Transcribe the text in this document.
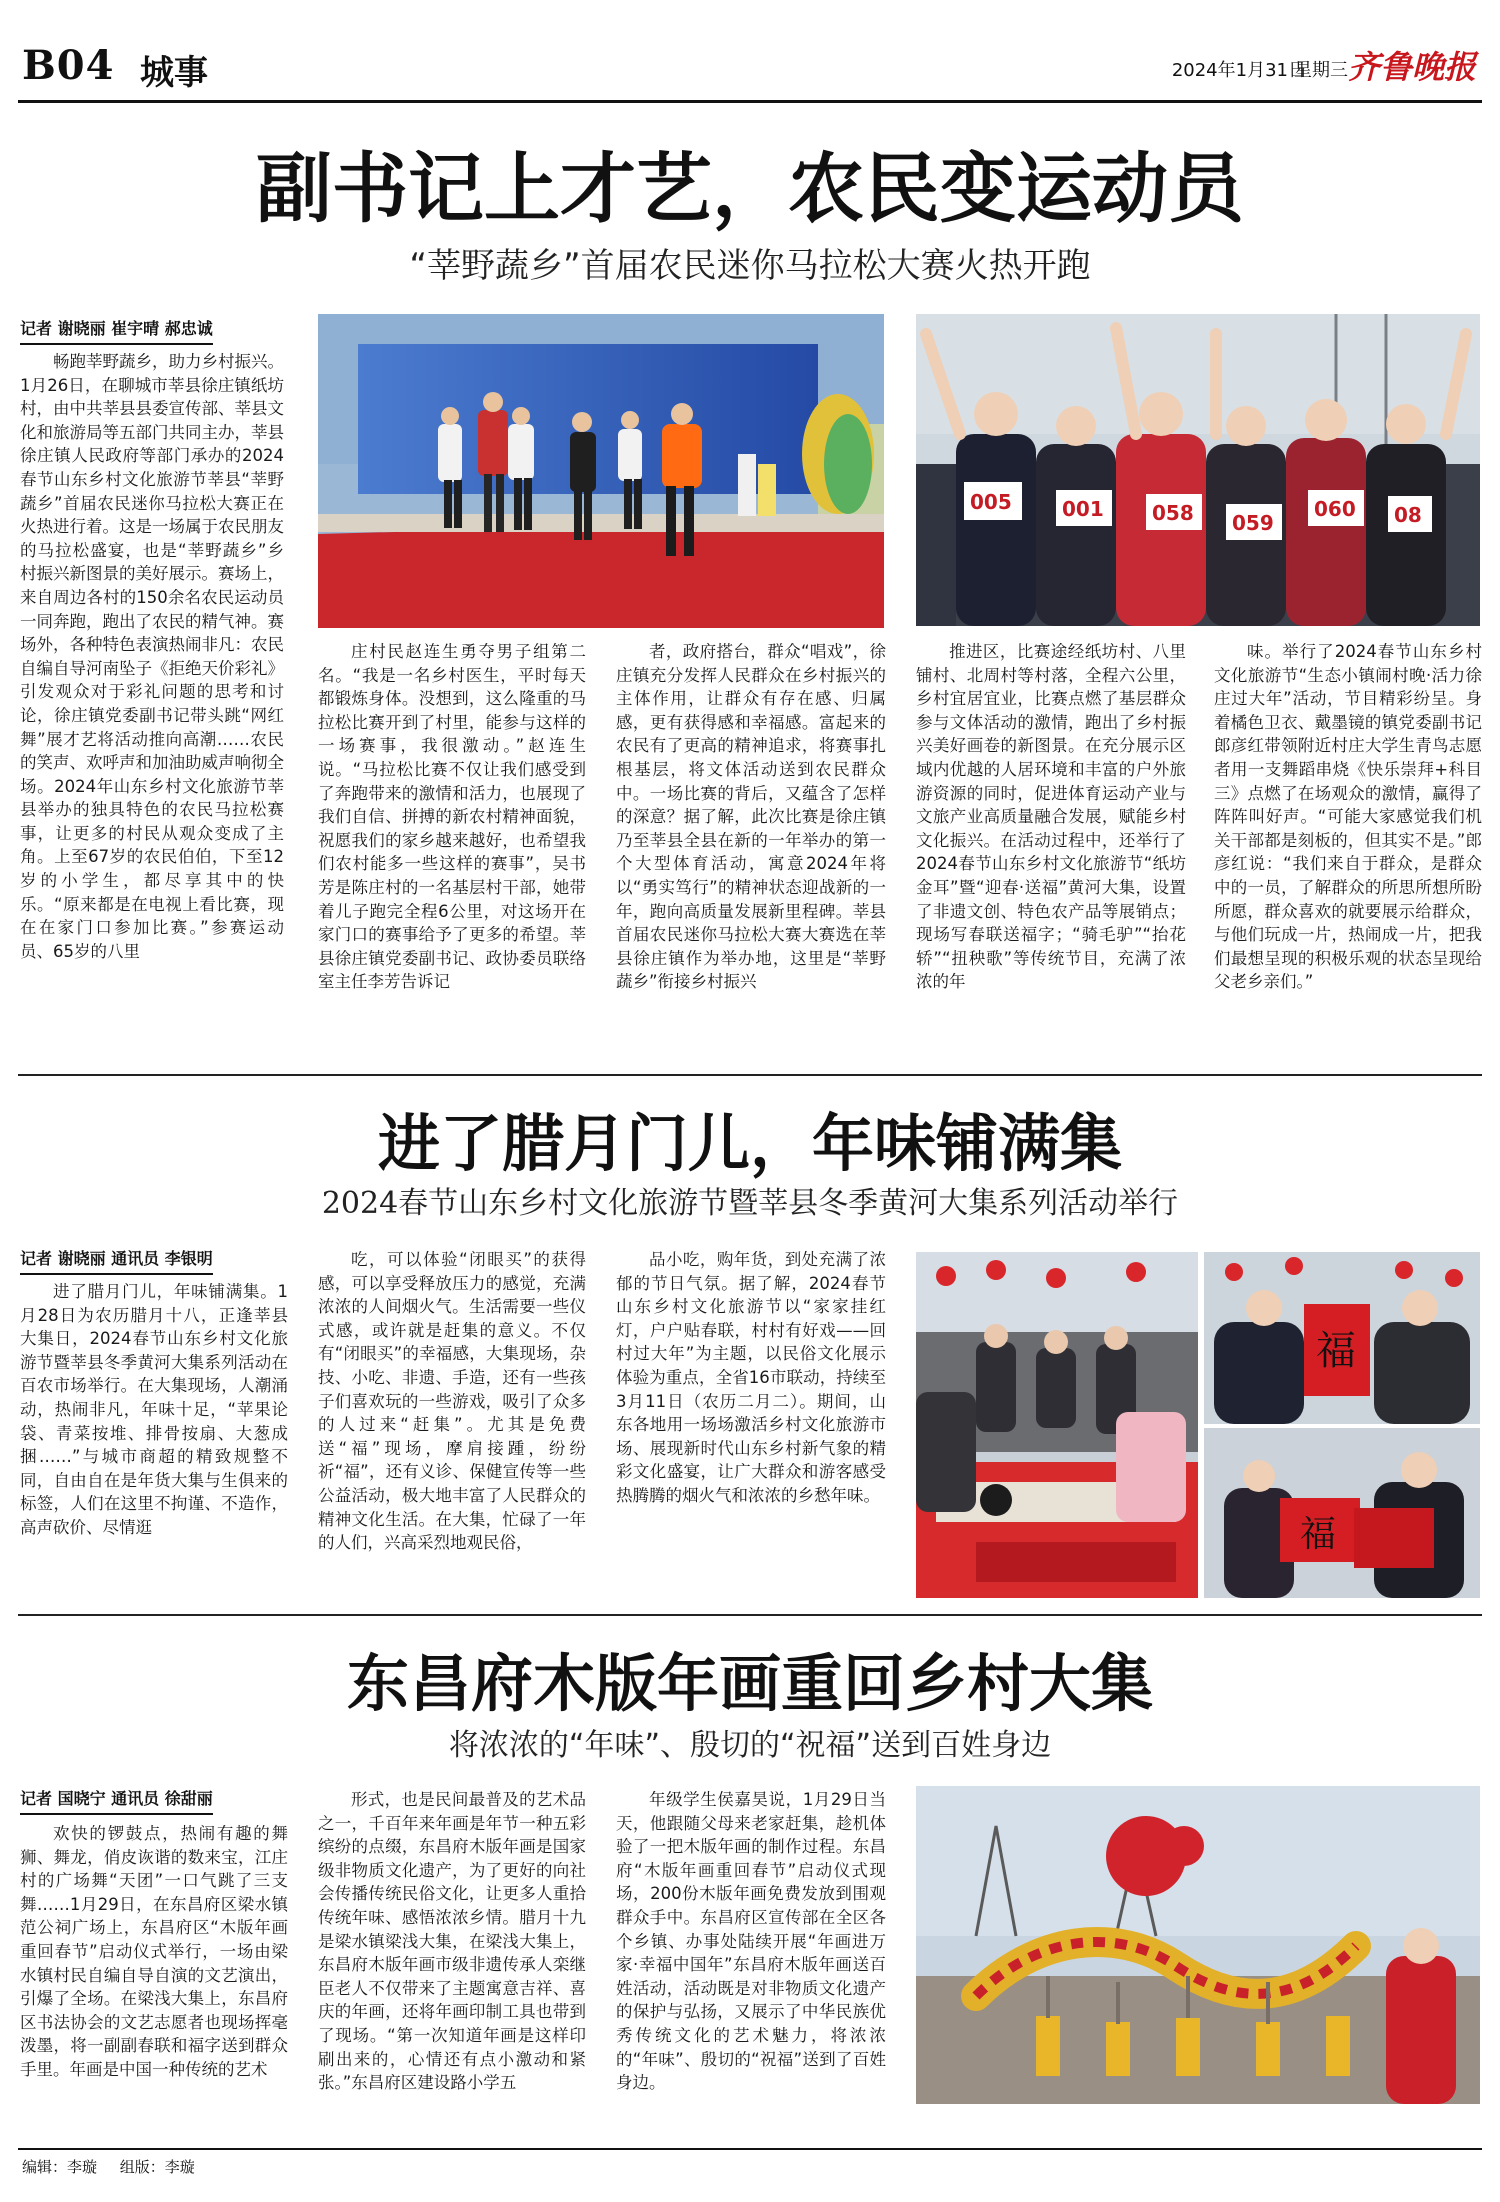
B04 城事	2024年1月31日
星期三 齐鲁晚报
副书记上才艺，农民变运动员
“莘野蔬乡”首届农民迷你马拉松大赛火热开跑
记者 谢晓丽 崔宇晴 郝忠诚

畅跑莘野蔬乡，助力乡村振兴。1月26日，在聊城市莘县徐庄镇纸坊村，由中共莘县县委宣传部、莘县文化和旅游局等五部门共同主办，莘县徐庄镇人民政府等部门承办的2024春节山东乡村文化旅游节莘县“莘野蔬乡”首届农民迷你马拉松大赛正在火热进行着。这是一场属于农民朋友的马拉松盛宴，也是“莘野蔬乡”乡村振兴新图景的美好展示。赛场上，来自周边各村的150余名农民运动员一同奔跑，跑出了农民的精气神。赛场外，各种特色表演热闹非凡：农民自编自导河南坠子《拒绝天价彩礼》引发观众对于彩礼问题的思考和讨论，徐庄镇党委副书记带头跳“网红舞”展才艺将活动推向高潮……农民的笑声、欢呼声和加油助威声响彻全场。2024年山东乡村文化旅游节莘县举办的独具特色的农民马拉松赛事，让更多的村民从观众变成了主角。上至67岁的农民伯伯，下至12岁的小学生，都尽享其中的快乐。“原来都是在电视上看比赛，现在在家门口参加比赛。”参赛运动员、65岁的八里

005	001 058 059
060 08

庄村民赵连生勇夺男子组第二名。“我是一名乡村医生，平时每天都锻炼身体。没想到，这么隆重的马拉松比赛开到了村里，能参与这样的一场赛事，我很激动。”赵连生说。“马拉松比赛不仅让我们感受到了奔跑带来的激情和活力，也展现了我们自信、拼搏的新农村精神面貌，祝愿我们的家乡越来越好，也希望我们农村能多一些这样的赛事”，吴书芳是陈庄村的一名基层村干部，她带着儿子跑完全程6公里，对这场开在家门口的赛事给予了更多的希望。莘县徐庄镇党委副书记、政协委员联络室主任李芳告诉记

者，政府搭台，群众“唱戏”，徐庄镇充分发挥人民群众在乡村振兴的主体作用，让群众有存在感、归属感，更有获得感和幸福感。富起来的农民有了更高的精神追求，将赛事扎根基层，将文体活动送到农民群众中。一场比赛的背后，又蕴含了怎样的深意？据了解，此次比赛是徐庄镇乃至莘县全县在新的一年举办的第一个大型体育活动，寓意2024年将以“勇实笃行”的精神状态迎战新的一年，跑向高质量发展新里程碑。莘县首届农民迷你马拉松大赛大赛选在莘县徐庄镇作为举办地，这里是“莘野蔬乡”衔接乡村振兴

推进区，比赛途经纸坊村、八里铺村、北周村等村落，全程六公里，乡村宜居宜业，比赛点燃了基层群众参与文体活动的激情，跑出了乡村振兴美好画卷的新图景。在充分展示区域内优越的人居环境和丰富的户外旅游资源的同时，促进体育运动产业与文旅产业高质量融合发展，赋能乡村文化振兴。在活动过程中，还举行了2024春节山东乡村文化旅游节“纸坊金耳”暨“迎春·送福”黄河大集，设置了非遗文创、特色农产品等展销点；现场写春联送福字；“骑毛驴”“抬花轿”“扭秧歌”等传统节目，充满了浓浓的年

味。举行了2024春节山东乡村文化旅游节“生态小镇闹村晚·活力徐庄过大年”活动，节目精彩纷呈。身着橘色卫衣、戴墨镜的镇党委副书记郎彦红带领附近村庄大学生青鸟志愿者用一支舞蹈串烧《快乐崇拜+科目三》点燃了在场观众的激情，赢得了阵阵叫好声。“可能大家感觉我们机关干部都是刻板的，但其实不是。”郎彦红说：“我们来自于群众，是群众中的一员，了解群众的所思所想所盼所愿，群众喜欢的就要展示给群众，与他们玩成一片，热闹成一片，把我们最想呈现的积极乐观的状态呈现给父老乡亲们。”

进了腊月门儿，年味铺满集
2024春节山东乡村文化旅游节暨莘县冬季黄河大集系列活动举行
记者 谢晓丽 通讯员 李银明

进了腊月门儿，年味铺满集。1月28日为农历腊月十八，正逢莘县大集日，2024春节山东乡村文化旅游节暨莘县冬季黄河大集系列活动在百农市场举行。在大集现场，人潮涌动，热闹非凡，年味十足，“苹果论袋、青菜按堆、排骨按扇、大葱成捆……”与城市商超的精致规整不同，自由自在是年货大集与生俱来的标签，人们在这里不拘谨、不造作，高声砍价、尽情逛

吃，可以体验“闭眼买”的获得感，可以享受释放压力的感觉，充满浓浓的人间烟火气。生活需要一些仪式感，或许就是赶集的意义。不仅有“闭眼买”的幸福感，大集现场，杂技、小吃、非遗、手造，还有一些孩子们喜欢玩的一些游戏，吸引了众多的人过来“赶集”。尤其是免费送“福”现场，摩肩接踵，纷纷祈“福”，还有义诊、保健宣传等一些公益活动，极大地丰富了人民群众的精神文化生活。在大集，忙碌了一年的人们，兴高采烈地观民俗，

品小吃，购年货，到处充满了浓郁的节日气氛。据了解，2024春节山东乡村文化旅游节以“家家挂红灯，户户贴春联，村村有好戏——回村过大年”为主题，以民俗文化展示体验为重点，全省16市联动，持续至3月11日（农历二月二）。期间，山东各地用一场场激活乡村文化旅游市场、展现新时代山东乡村新气象的精彩文化盛宴，让广大群众和游客感受热腾腾的烟火气和浓浓的乡愁年味。

福
福
东昌府木版年画重回乡村大集
将浓浓的“年味”、殷切的“祝福”送到百姓身边
记者 国晓宁 通讯员 徐甜丽

欢快的锣鼓点，热闹有趣的舞狮、舞龙，俏皮诙谐的数来宝，江庄村的广场舞“天团”一口气跳了三支舞……1月29日，在东昌府区梁水镇范公祠广场上，东昌府区“木版年画重回春节”启动仪式举行，一场由梁水镇村民自编自导自演的文艺演出，引爆了全场。在梁浅大集上，东昌府区书法协会的文艺志愿者也现场挥毫泼墨，将一副副春联和福字送到群众手里。年画是中国一种传统的艺术

形式，也是民间最普及的艺术品之一，千百年来年画是年节一种五彩缤纷的点缀，东昌府木版年画是国家级非物质文化遗产，为了更好的向社会传播传统民俗文化，让更多人重拾传统年味、感悟浓浓乡情。腊月十九是梁水镇梁浅大集，在梁浅大集上，东昌府木版年画市级非遗传承人栾继臣老人不仅带来了主题寓意吉祥、喜庆的年画，还将年画印制工具也带到了现场。“第一次知道年画是这样印刷出来的，心情还有点小激动和紧张。”东昌府区建设路小学五

年级学生侯嘉昊说，1月29日当天，他跟随父母来老家赶集，趁机体验了一把木版年画的制作过程。东昌府“木版年画重回春节”启动仪式现场，200份木版年画免费发放到围观群众手中。东昌府区宣传部在全区各个乡镇、办事处陆续开展“年画进万家·幸福中国年”东昌府木版年画送百姓活动，活动既是对非物质文化遗产的保护与弘扬，又展示了中华民族优秀传统文化的艺术魅力，将浓浓的“年味”、殷切的“祝福”送到了百姓身边。

编辑：李璇 组版：李璇
